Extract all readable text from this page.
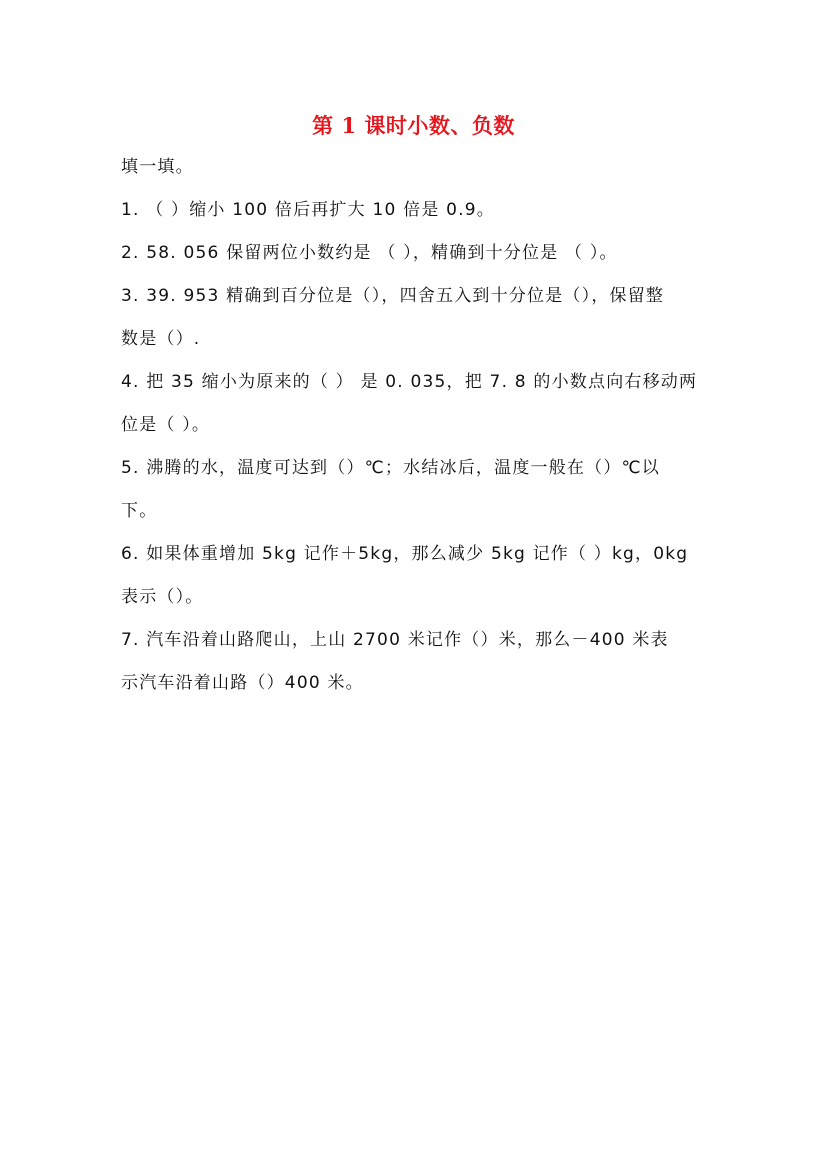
第 1 课时小数、负数
填一填。
1. （ ）缩小 100 倍后再扩大 10 倍是 0.9。
2. 58. 056 保留两位小数约是 （ ），精确到十分位是 （ ）。
3. 39. 953 精确到百分位是（），四舍五入到十分位是（），保留整
数是（）.
4. 把 35 缩小为原来的（ ） 是 0. 035，把 7. 8 的小数点向右移动两
位是（ ）。
5. 沸腾的水，温度可达到（）℃；水结冰后，温度一般在（）℃以
下。
6. 如果体重增加 5kg 记作＋5kg，那么减少 5kg 记作（ ）kg，0kg
表示（）。
7. 汽车沿着山路爬山，上山 2700 米记作（）米，那么－400 米表
示汽车沿着山路（）400 米。
